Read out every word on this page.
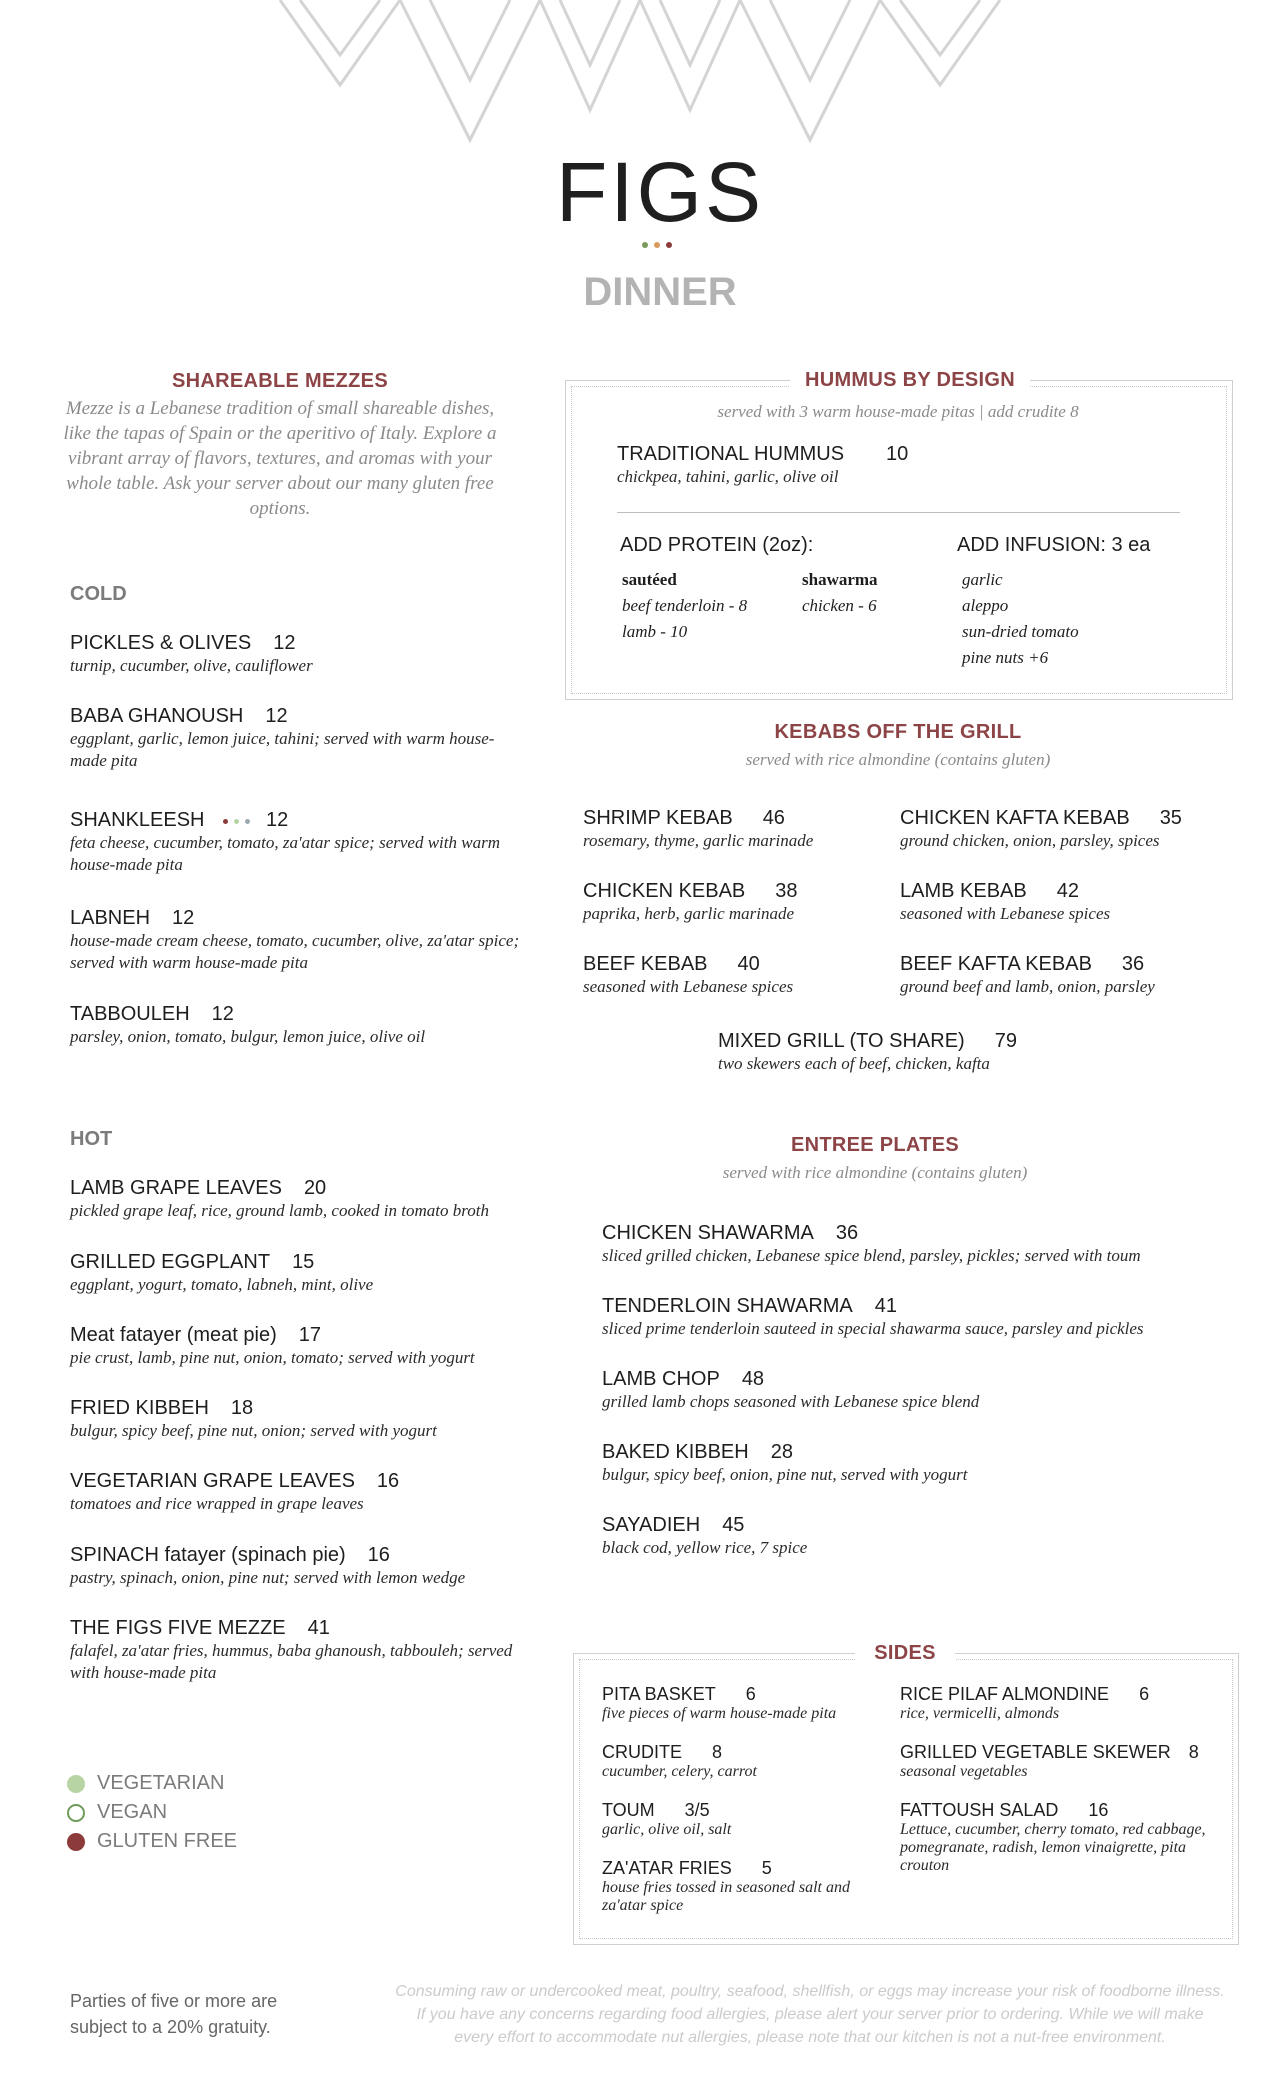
FIGS
DINNER
SHAREABLE MEZZES
Mezze is a Lebanese tradition of small shareable dishes, like the tapas of Spain or the aperitivo of Italy. Explore a vibrant array of flavors, textures, and aromas with your whole table. Ask your server about our many gluten free options.
COLD
PICKLES & OLIVES 12
turnip, cucumber, olive, cauliflower
BABA GHANOUSH 12
eggplant, garlic, lemon juice, tahini; served with warm house-made pita
SHANKLEESH	12
feta cheese, cucumber, tomato, za'atar spice; served with warm house-made pita
LABNEH 12
house-made cream cheese, tomato, cucumber, olive, za'atar spice; served with warm house-made pita
TABBOULEH 12
parsley, onion, tomato, bulgur, lemon juice, olive oil
HOT
LAMB GRAPE LEAVES 20
pickled grape leaf, rice, ground lamb, cooked in tomato broth
GRILLED EGGPLANT 15
eggplant, yogurt, tomato, labneh, mint, olive
Meat fatayer (meat pie) 17
pie crust, lamb, pine nut, onion, tomato; served with yogurt
FRIED KIBBEH 18
bulgur, spicy beef, pine nut, onion; served with yogurt
VEGETARIAN GRAPE LEAVES 16
tomatoes and rice wrapped in grape leaves
SPINACH fatayer (spinach pie) 16
pastry, spinach, onion, pine nut; served with lemon wedge
THE FIGS FIVE MEZZE 41
falafel, za'atar fries, hummus, baba ghanoush, tabbouleh; served with house-made pita
VEGETARIAN
VEGAN
GLUTEN FREE
HUMMUS BY DESIGN
served with 3 warm house-made pitas | add crudite 8
TRADITIONAL HUMMUS 10
chickpea, tahini, garlic, olive oil
ADD PROTEIN (2oz):
sautéed
beef tenderloin - 8
lamb - 10
shawarma
chicken - 6
ADD INFUSION: 3 ea
garlic
aleppo
sun-dried tomato
pine nuts +6
KEBABS OFF THE GRILL
served with rice almondine (contains gluten)
SHRIMP KEBAB 46
rosemary, thyme, garlic marinade
CHICKEN KEBAB 38
paprika, herb, garlic marinade
BEEF KEBAB 40
seasoned with Lebanese spices
CHICKEN KAFTA KEBAB 35
ground chicken, onion, parsley, spices
LAMB KEBAB 42
seasoned with Lebanese spices
BEEF KAFTA KEBAB 36
ground beef and lamb, onion, parsley
MIXED GRILL (TO SHARE) 79
two skewers each of beef, chicken, kafta
ENTREE PLATES
served with rice almondine (contains gluten)
CHICKEN SHAWARMA 36
sliced grilled chicken, Lebanese spice blend, parsley, pickles; served with toum
TENDERLOIN SHAWARMA 41
sliced prime tenderloin sauteed in special shawarma sauce, parsley and pickles
LAMB CHOP 48
grilled lamb chops seasoned with Lebanese spice blend
BAKED KIBBEH 28
bulgur, spicy beef, onion, pine nut, served with yogurt
SAYADIEH 45
black cod, yellow rice, 7 spice
SIDES
PITA BASKET 6
five pieces of warm house-made pita
CRUDITE 8
cucumber, celery, carrot
TOUM 3/5
garlic, olive oil, salt
ZA'ATAR FRIES 5
house fries tossed in seasoned salt and za'atar spice
RICE PILAF ALMONDINE 6
rice, vermicelli, almonds
GRILLED VEGETABLE SKEWER 8
seasonal vegetables
FATTOUSH SALAD 16
Lettuce, cucumber, cherry tomato, red cabbage, pomegranate, radish, lemon vinaigrette, pita crouton
Parties of five or more are subject to a 20% gratuity.
Consuming raw or undercooked meat, poultry, seafood, shellfish, or eggs may increase your risk of foodborne illness. If you have any concerns regarding food allergies, please alert your server prior to ordering. While we will make every effort to accommodate nut allergies, please note that our kitchen is not a nut-free environment.
